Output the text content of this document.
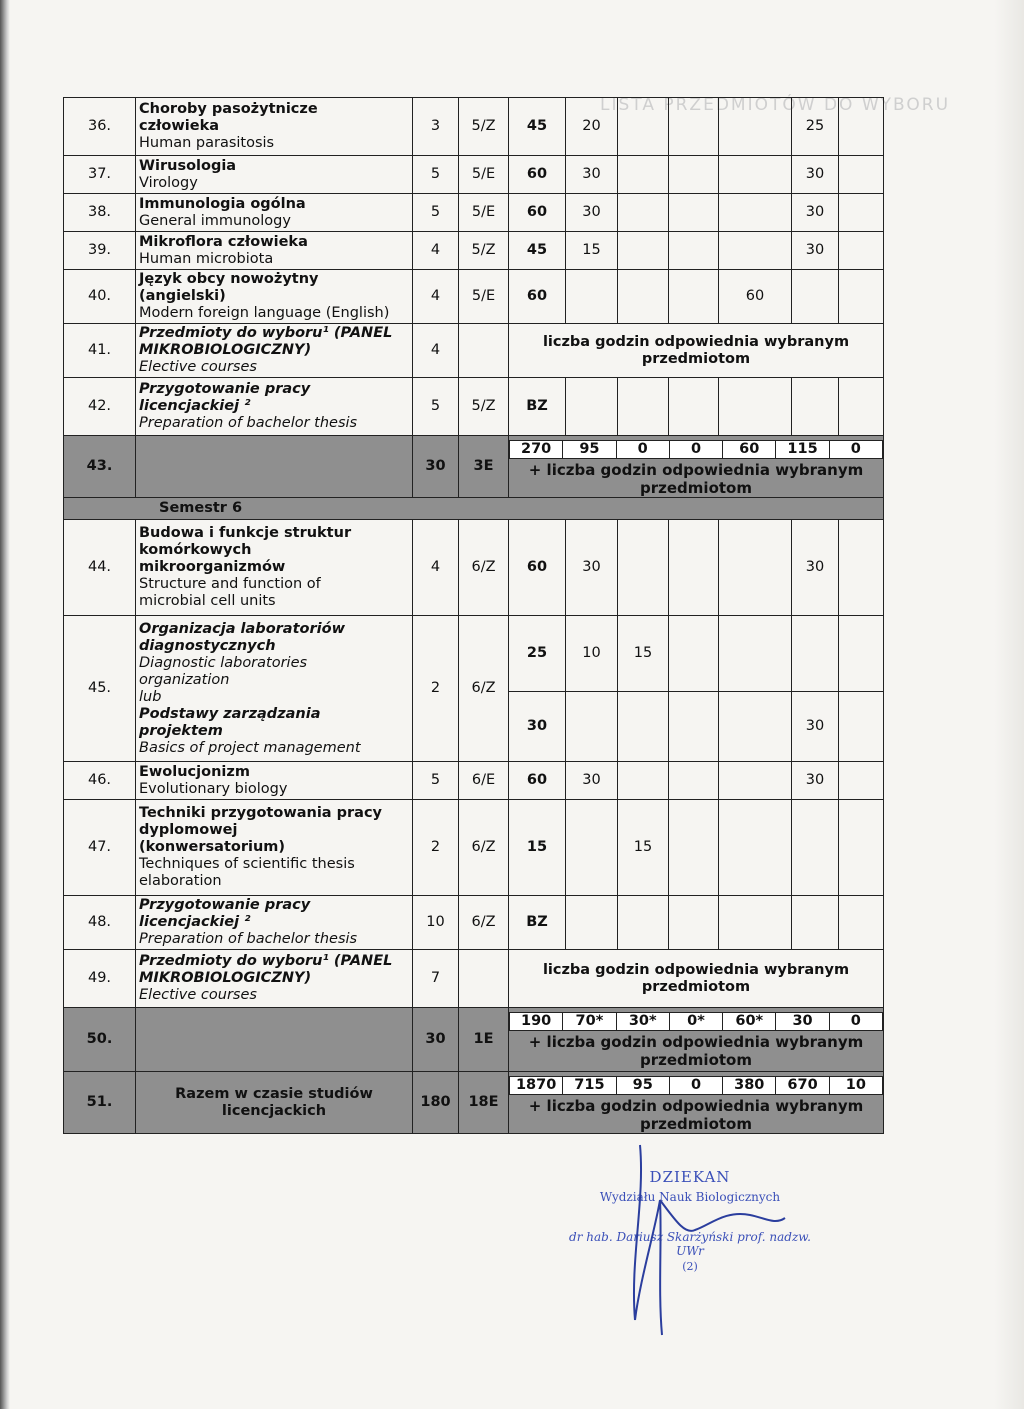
LISTA PRZEDMIOTÓW DO WYBORU
36.	
Choroby pasożytnicze
człowieka
Human parasitosis
	3	5/Z	45	20				25	
37.	
Wirusologia
Virology
	5	5/E	60	30				30	
38.	
Immunologia ogólna
General immunology
	5	5/E	60	30				30	
39.	
Mikroflora człowieka
Human microbiota
	4	5/Z	45	15				30	
40.	
Język obcy nowożytny
(angielski)
Modern foreign language (English)
	4	5/E	60				60		
41.	
Przedmioty do wyboru¹ (PANEL
MIKROBIOLOGICZNY)
Elective courses
	4		liczba godzin odpowiednia wybranym przedmiotom
42.	
Przygotowanie pracy
licencjackiej ²
Preparation of bachelor thesis
	5	5/Z	BZ						
43.		30	3E	
270	95	0	0	60	115	0
+ liczba godzin odpowiednia wybranym przedmiotom

Semestr 6
44.	
Budowa i funkcje struktur
komórkowych
mikroorganizmów
Structure and function of
microbial cell units
	4	6/Z	60	30				30	
45.	
Organizacja laboratoriów
diagnostycznych
Diagnostic laboratories
organization
lub
Podstawy zarządzania
projektem
Basics of project management
	2	6/Z	25	10	15				
30					30	
46.	
Ewolucjonizm
Evolutionary biology
	5	6/E	60	30				30	
47.	
Techniki przygotowania pracy
dyplomowej
(konwersatorium)
Techniques of scientific thesis
elaboration
	2	6/Z	15		15				
48.	
Przygotowanie pracy
licencjackiej ²
Preparation of bachelor thesis
	10	6/Z	BZ						
49.	
Przedmioty do wyboru¹ (PANEL
MIKROBIOLOGICZNY)
Elective courses
	7		liczba godzin odpowiednia wybranym przedmiotom
50.		30	1E	
190	70*	30*	0*	60*	30	0
+ liczba godzin odpowiednia wybranym przedmiotom

51.	Razem w czasie studiów licencjackich	180	18E	
1870	715	95	0	380	670	10
+ liczba godzin odpowiednia wybranym przedmiotom
DZIEKAN
Wydziału Nauk Biologicznych
dr hab. Dariusz Skarżyński prof. nadzw. UWr
(2)
